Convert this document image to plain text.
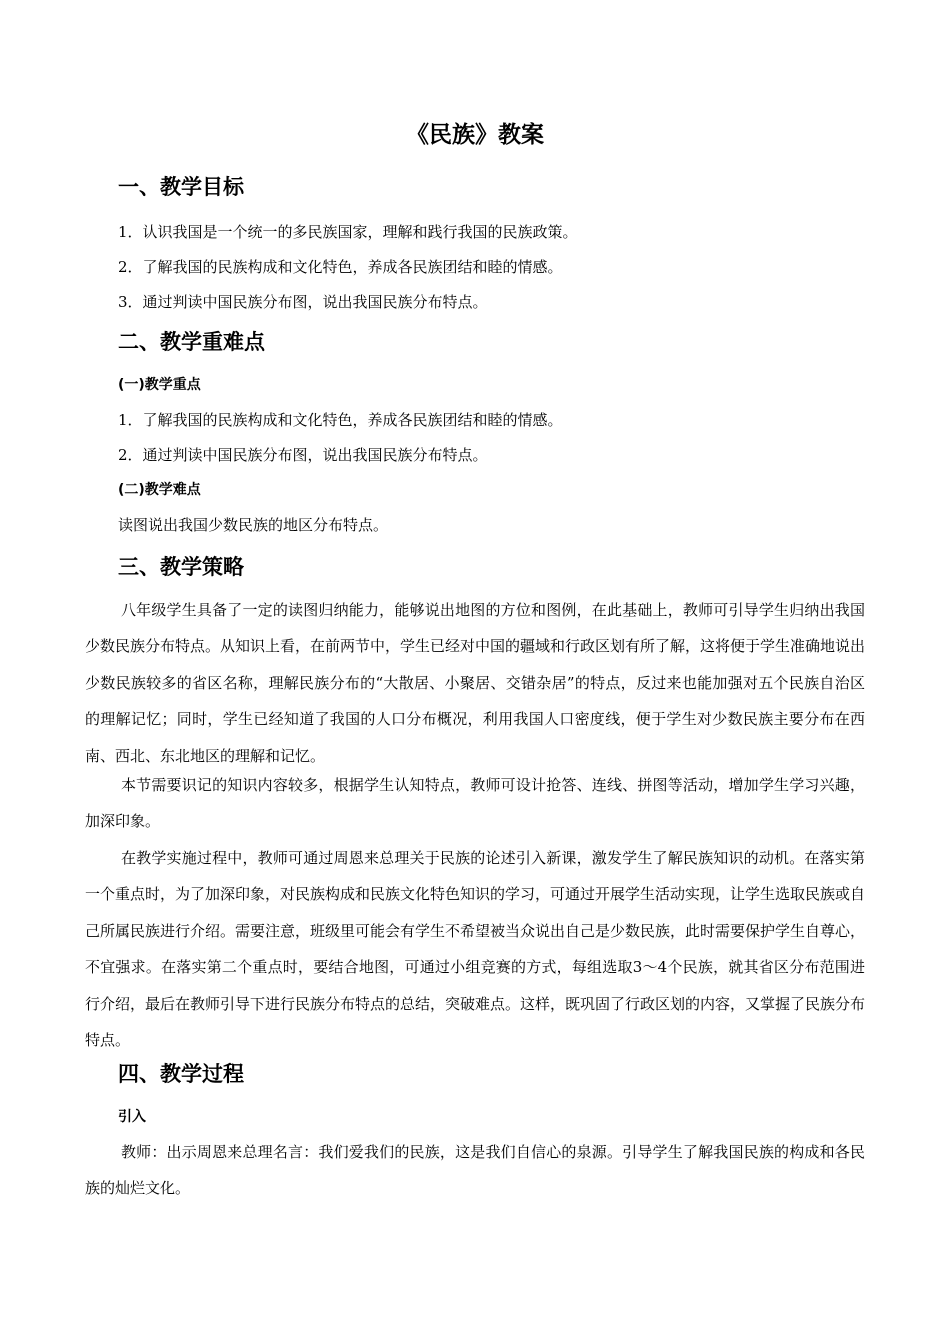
《民族》教案
一、教学目标
1．认识我国是一个统一的多民族国家，理解和践行我国的民族政策。
2．了解我国的民族构成和文化特色，养成各民族团结和睦的情感。
3．通过判读中国民族分布图，说出我国民族分布特点。
二、教学重难点
(一)教学重点
1．了解我国的民族构成和文化特色，养成各民族团结和睦的情感。
2．通过判读中国民族分布图，说出我国民族分布特点。
(二)教学难点
读图说出我国少数民族的地区分布特点。
三、教学策略
八年级学生具备了一定的读图归纳能力，能够说出地图的方位和图例，在此基础上，教师可引导学生归纳出我国少数民族分布特点。从知识上看，在前两节中，学生已经对中国的疆域和行政区划有所了解，这将便于学生准确地说出少数民族较多的省区名称，理解民族分布的“大散居、小聚居、交错杂居”的特点，反过来也能加强对五个民族自治区的理解记忆；同时，学生已经知道了我国的人口分布概况，利用我国人口密度线，便于学生对少数民族主要分布在西南、西北、东北地区的理解和记忆。
本节需要识记的知识内容较多，根据学生认知特点，教师可设计抢答、连线、拼图等活动，增加学生学习兴趣，加深印象。
在教学实施过程中，教师可通过周恩来总理关于民族的论述引入新课，激发学生了解民族知识的动机。在落实第一个重点时，为了加深印象，对民族构成和民族文化特色知识的学习，可通过开展学生活动实现，让学生选取民族或自己所属民族进行介绍。需要注意，班级里可能会有学生不希望被当众说出自己是少数民族，此时需要保护学生自尊心，不宜强求。在落实第二个重点时，要结合地图，可通过小组竞赛的方式，每组选取3～4个民族，就其省区分布范围进行介绍，最后在教师引导下进行民族分布特点的总结，突破难点。这样，既巩固了行政区划的内容，又掌握了民族分布特点。
四、教学过程
引入
教师：出示周恩来总理名言：我们爱我们的民族，这是我们自信心的泉源。引导学生了解我国民族的构成和各民族的灿烂文化。
